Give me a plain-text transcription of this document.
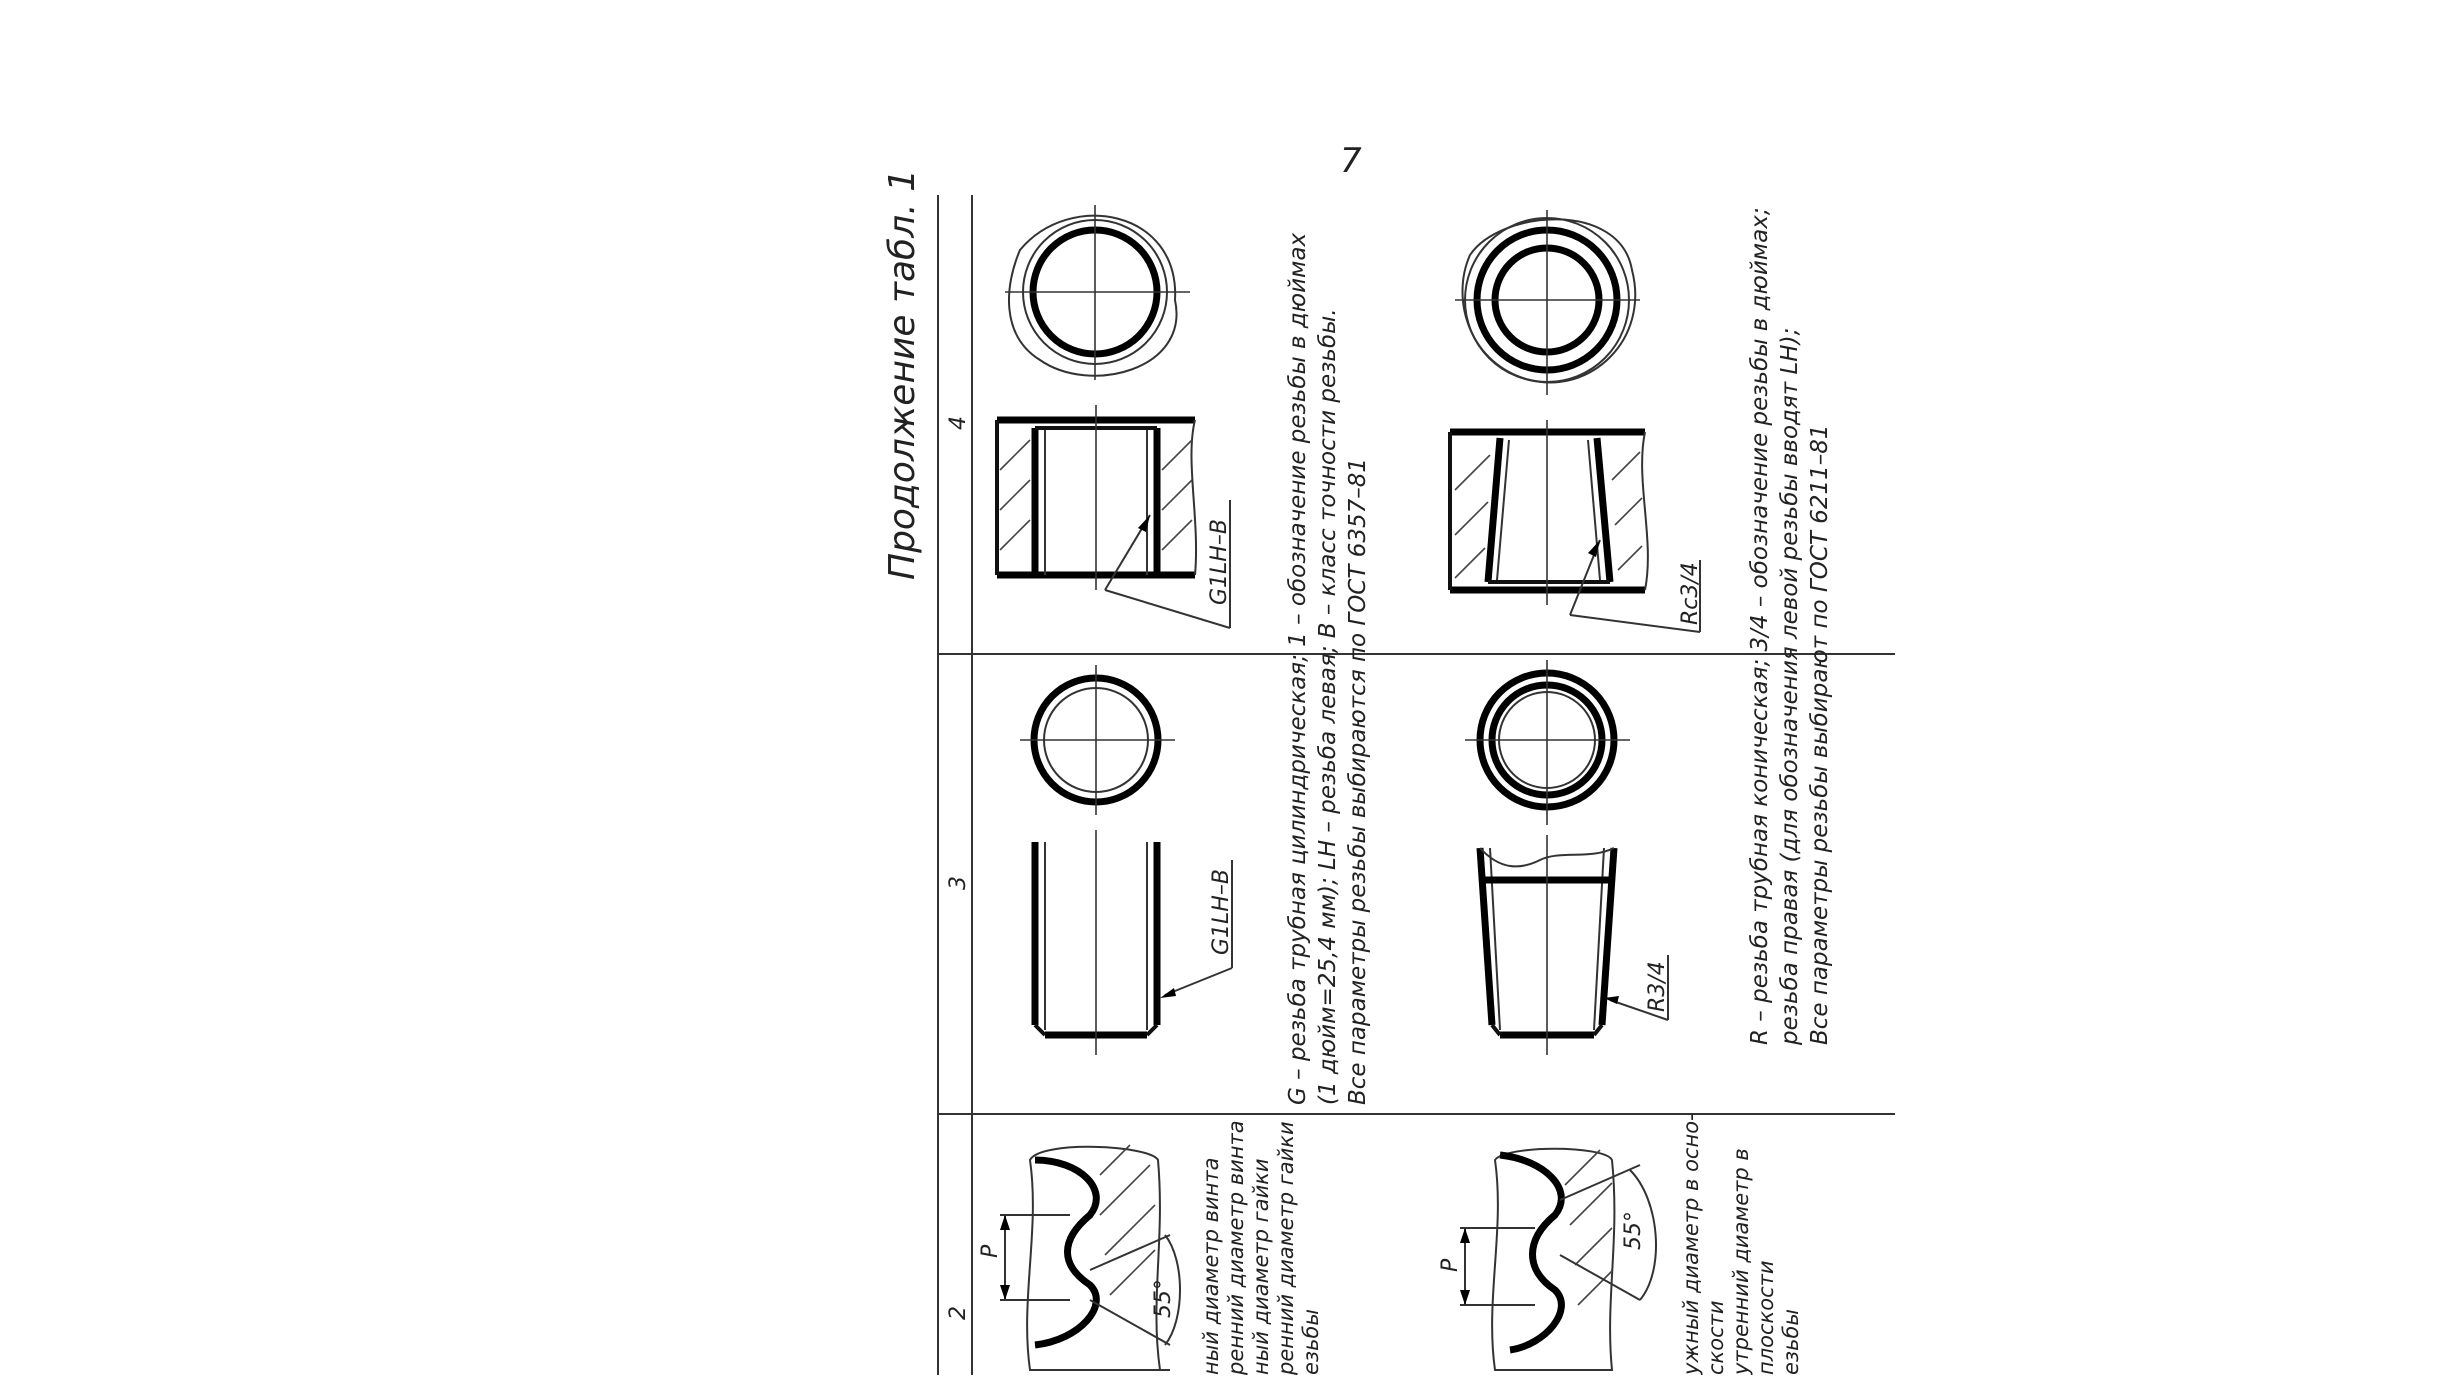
7
Продолжение табл. 1 4
3
2
G1LH–B
G1LH–B G – резьба трубная цилиндрическая; 1 – обозначение резьбы в дюймах (1 дюйм=25,4 мм); LH – резьба левая; B – класс точности резьбы. Все параметры резьбы выбираются по ГОСТ 6357–81
P
55° ный диаметр винта ренний диаметр винта ный диаметр гайки ренний диаметр гайки езьбы
Rc3/4
R3/4	R – резьба трубная коническая; 3/4 – обозначение резьбы в дюймах; резьба правая (для обозначения левой резьбы вводят LH); Все параметры резьбы выбирают по ГОСТ 6211–81
P
55° ужный диаметр в осно- скости утренний диаметр в плоскости езьбы
